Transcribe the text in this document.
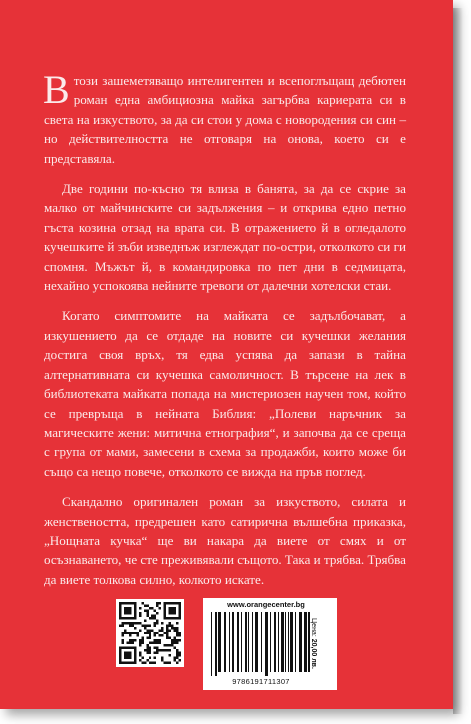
В този зашеметяващо интелигентен и всепоглъщащ дебютен роман една амбициозна майка загърбва кариерата си в света на изкуството, за да си стои у дома с новородения си син – но действителността не отговаря на онова, което си е представяла.

Две години по-късно тя влиза в банята, за да се скрие за малко от майчинските си задължения – и открива едно петно гъста козина отзад на врата си. В отражението й в огледалото кучешките й зъби изведнъж изглеждат по-остри, отколкото си ги спомня. Мъжът й, в командировка по пет дни в седмицата, нехайно успокоява нейните тревоги от далечни хотелски стаи.

Когато симптомите на майката се задълбочават, а изкушението да се отдаде на новите си кучешки желания достига своя връх, тя едва успява да запази в тайна алтернативната си кучешка самоличност. В търсене на лек в библиотеката майката попада на мистериозен научен том, който се превръща в нейната Библия: „Полеви наръчник за магическите жени: митична етнография“, и започва да се среща с група от мами, замесени в схема за продажби, които може би също са нещо повече, отколкото се вижда на пръв поглед.

Скандално оригинален роман за изкуството, силата и женствеността, предрешен като сатирична вълшебна приказка, „Нощната кучка“ ще ви накара да виете от смях и от осъзнаването, че сте преживявали същото. Така и трябва. Трябва да виете толкова силно, колкото искате.

www.orangecenter.bg
Цена: 20,00 лв.
9786191711307
